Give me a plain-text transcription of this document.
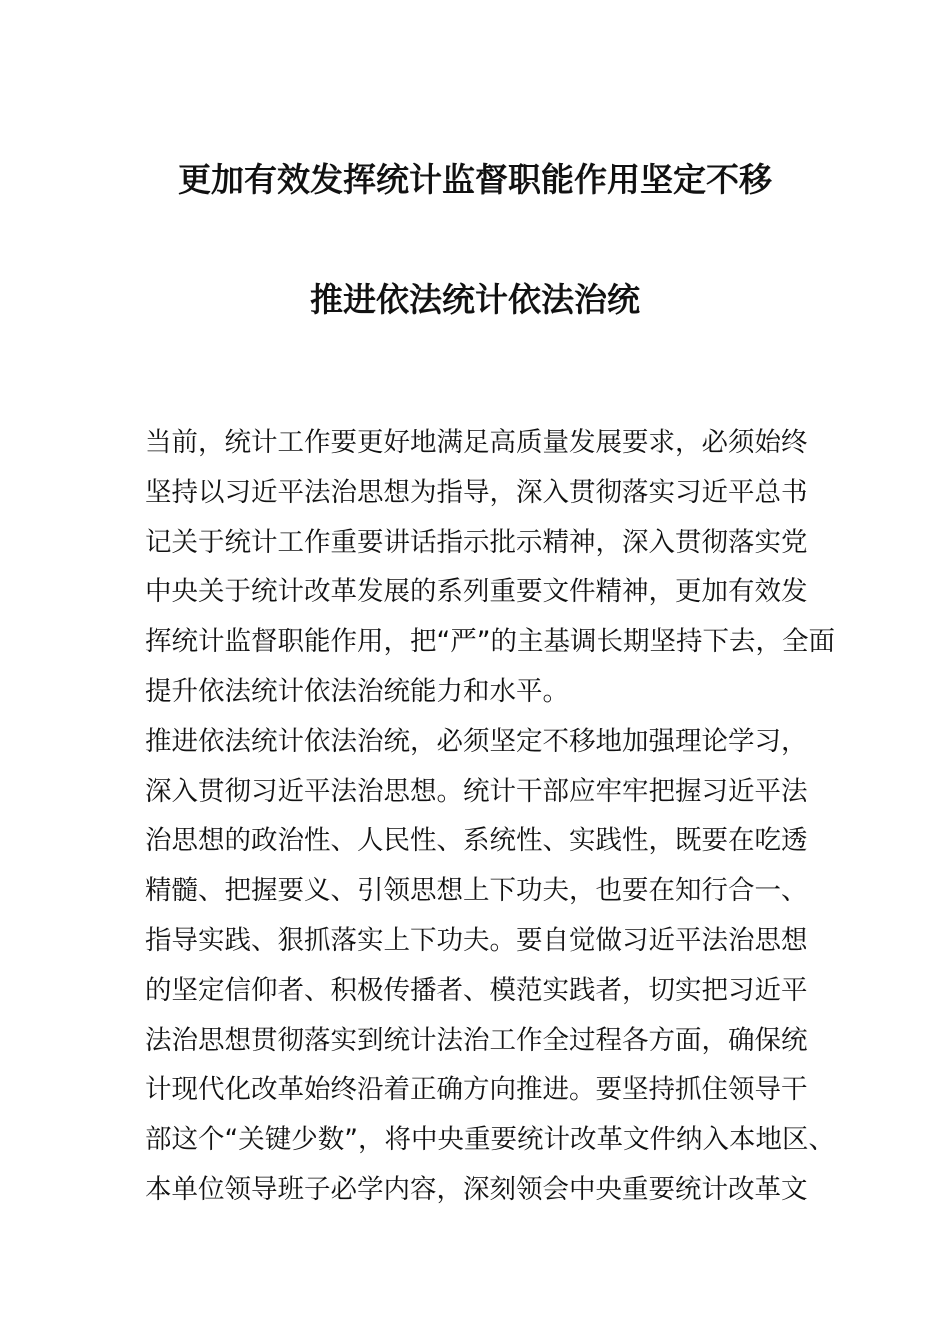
更加有效发挥统计监督职能作用坚定不移
推进依法统计依法治统
当前，统计工作要更好地满足高质量发展要求，必须始终
坚持以习近平法治思想为指导，深入贯彻落实习近平总书
记关于统计工作重要讲话指示批示精神，深入贯彻落实党
中央关于统计改革发展的系列重要文件精神，更加有效发
挥统计监督职能作用，把“严”的主基调长期坚持下去，全面
提升依法统计依法治统能力和水平。
推进依法统计依法治统，必须坚定不移地加强理论学习，
深入贯彻习近平法治思想。统计干部应牢牢把握习近平法
治思想的政治性、人民性、系统性、实践性，既要在吃透
精髓、把握要义、引领思想上下功夫，也要在知行合一、
指导实践、狠抓落实上下功夫。要自觉做习近平法治思想
的坚定信仰者、积极传播者、模范实践者，切实把习近平
法治思想贯彻落实到统计法治工作全过程各方面，确保统
计现代化改革始终沿着正确方向推进。要坚持抓住领导干
部这个“关键少数”，将中央重要统计改革文件纳入本地区、
本单位领导班子必学内容，深刻领会中央重要统计改革文
